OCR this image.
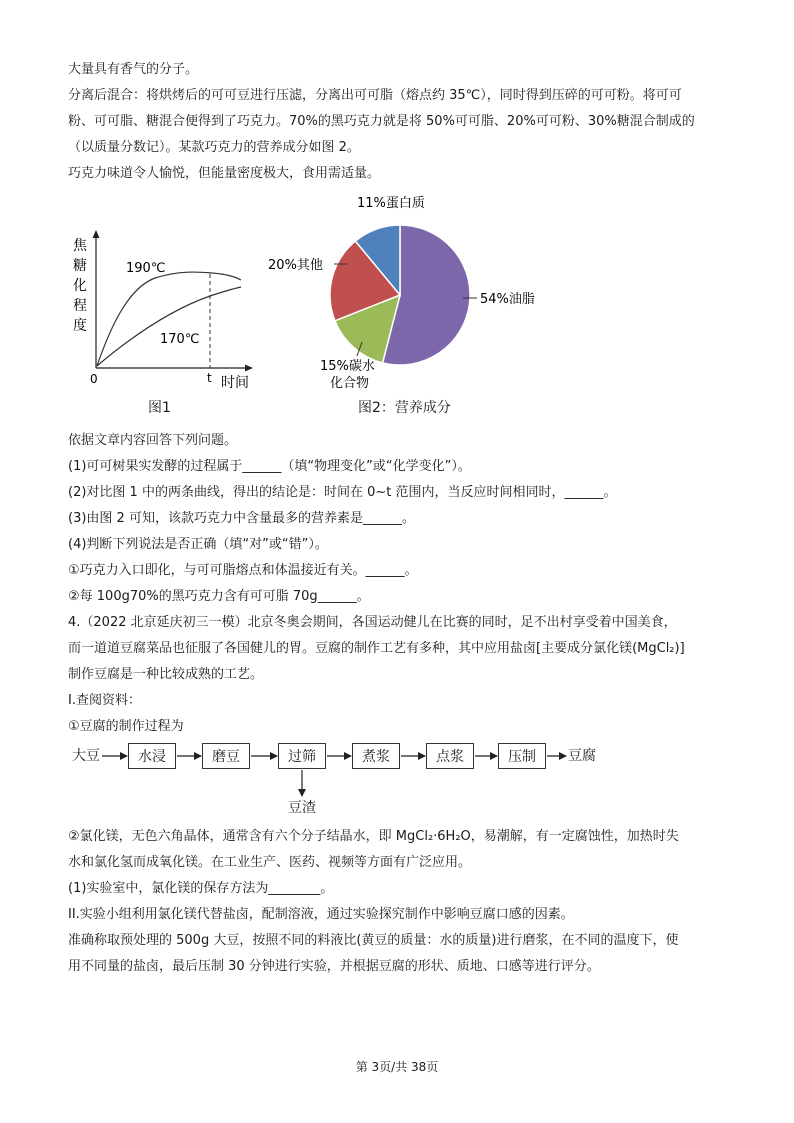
大量具有香气的分子。
分离后混合：将烘烤后的可可豆进行压滤，分离出可可脂（熔点约 35℃），同时得到压碎的可可粉。将可可
粉、可可脂、糖混合便得到了巧克力。70%的黑巧克力就是将 50%可可脂、20%可可粉、30%糖混合制成的
（以质量分数记）。某款巧克力的营养成分如图 2。
巧克力味道令人愉悦，但能量密度极大，食用需适量。
焦
糖
化
程
度
190℃
170℃
0	t 时间
图1
11%蛋白质
20%其他
54%油脂
15%碳水
化合物
图2：营养成分
依据文章内容回答下列问题。
(1)可可树果实发酵的过程属于______（填“物理变化”或“化学变化”）。
(2)对比图 1 中的两条曲线，得出的结论是：时间在 0~t 范围内，当反应时间相同时，______。
(3)由图 2 可知，该款巧克力中含量最多的营养素是______。
(4)判断下列说法是否正确（填“对”或“错”）。
①巧克力入口即化，与可可脂熔点和体温接近有关。______。
②每 100g70%的黑巧克力含有可可脂 70g______。
4.（2022 北京延庆初三一模）北京冬奥会期间，各国运动健儿在比赛的同时，足不出村享受着中国美食，
而一道道豆腐菜品也征服了各国健儿的胃。豆腐的制作工艺有多种，其中应用盐卤[主要成分氯化镁(MgCl₂)]
制作豆腐是一种比较成熟的工艺。
I.查阅资料：
①豆腐的制作过程为
大豆	水浸	磨豆	过筛	煮浆	点浆	压制	豆腐
豆渣
②氯化镁，无色六角晶体，通常含有六个分子结晶水，即 MgCl₂·6H₂O，易潮解，有一定腐蚀性，加热时失
水和氯化氢而成氧化镁。在工业生产、医药、视频等方面有广泛应用。
(1)实验室中，氯化镁的保存方法为________。
II.实验小组利用氯化镁代替盐卤，配制溶液，通过实验探究制作中影响豆腐口感的因素。
准确称取预处理的 500g 大豆，按照不同的料液比(黄豆的质量：水的质量)进行磨浆，在不同的温度下，使
用不同量的盐卤，最后压制 30 分钟进行实验，并根据豆腐的形状、质地、口感等进行评分。
第 3页/共 38页
